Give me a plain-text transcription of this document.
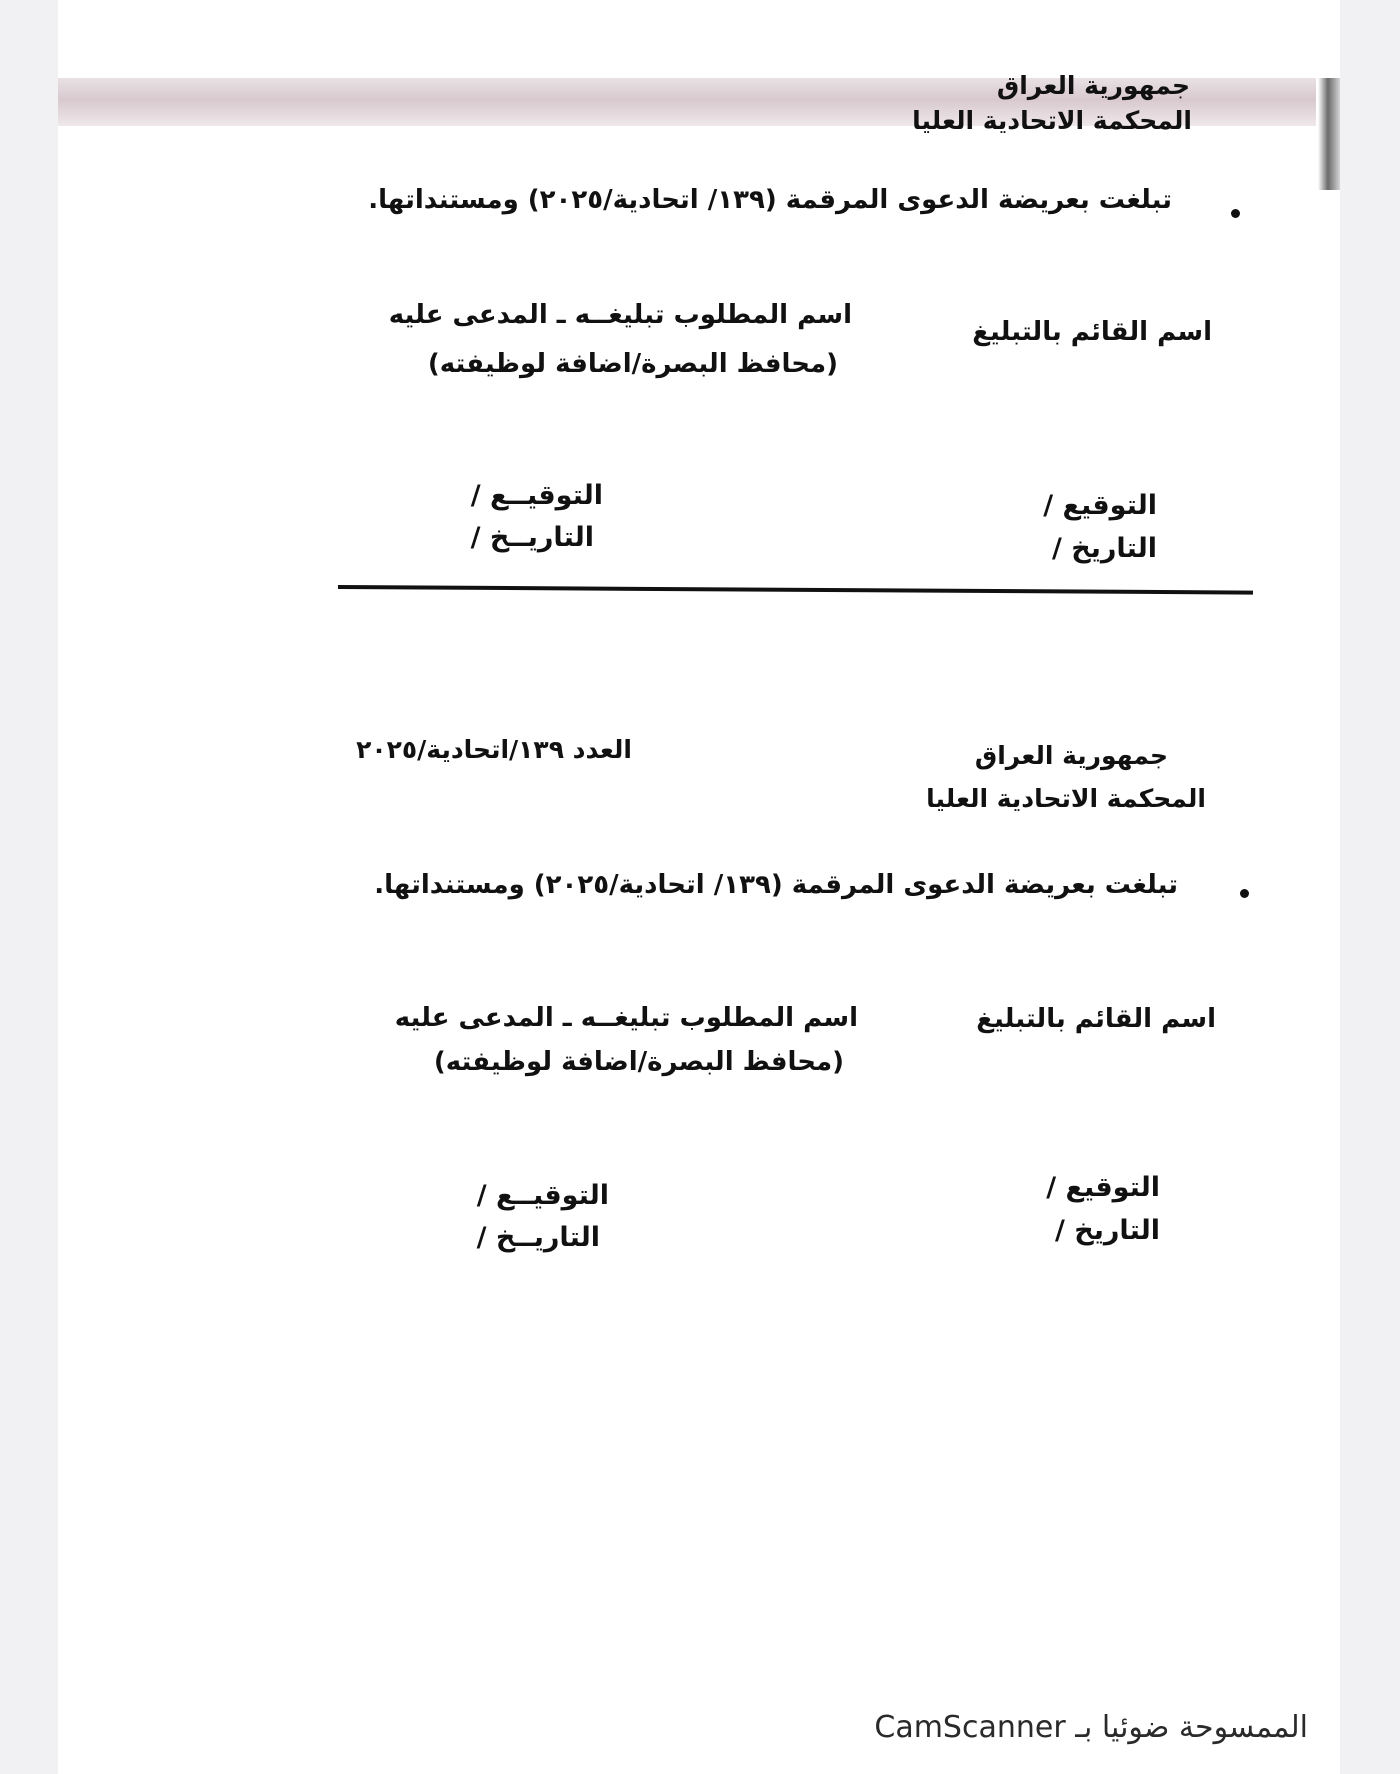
جمهورية العراق
المحكمة الاتحادية العليا
تبلغت بعريضة الدعوى المرقمة (١٣٩/ اتحادية/٢٠٢٥) ومستنداتها.
اسم القائم بالتبليغ
اسم المطلوب تبليغــه ـ المدعى عليه
(محافظ البصرة/اضافة لوظيفته)
التوقيــع /
التاريــخ /
التوقيع /
التاريخ /
العدد ١٣٩/اتحادية/٢٠٢٥	جمهورية العراق
المحكمة الاتحادية العليا
تبلغت بعريضة الدعوى المرقمة (١٣٩/ اتحادية/٢٠٢٥) ومستنداتها.
اسم القائم بالتبليغ
اسم المطلوب تبليغــه ـ المدعى عليه
(محافظ البصرة/اضافة لوظيفته)
التوقيــع /
التاريــخ /
التوقيع /
التاريخ /
الممسوحة ضوئيا بـ CamScanner
